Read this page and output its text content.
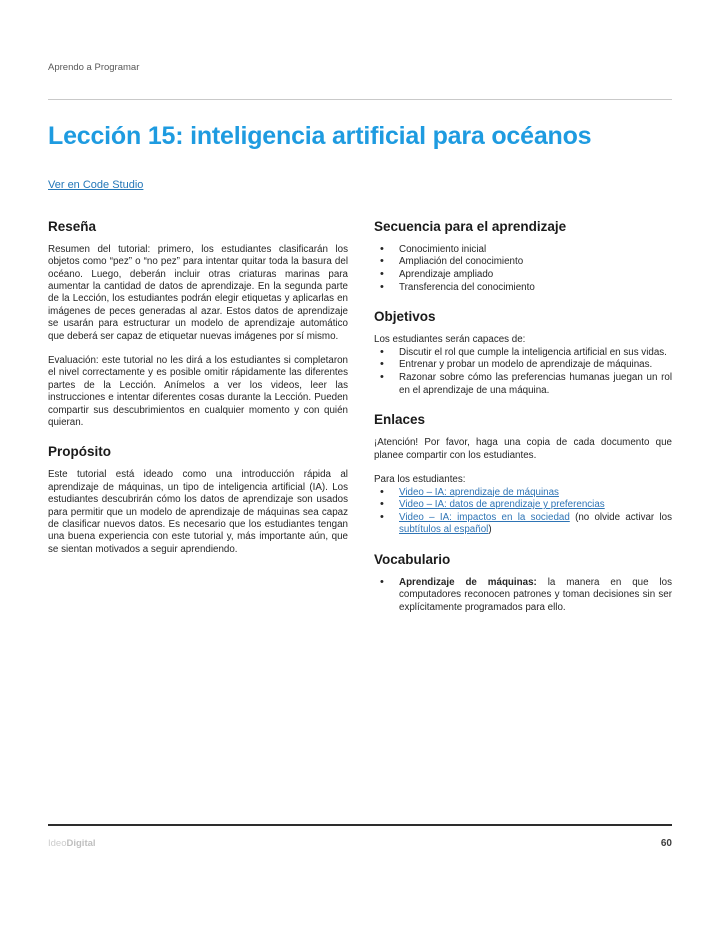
Aprendo a Programar
Lección 15: inteligencia artificial para océanos
Ver en Code Studio
Reseña

Resumen del tutorial: primero, los estudiantes clasificarán los objetos como “pez” o “no pez” para intentar quitar toda la basura del océano. Luego, deberán incluir otras criaturas marinas para aumentar la cantidad de datos de aprendizaje. En la segunda parte de la Lección, los estudiantes podrán elegir etiquetas y aplicarlas en imágenes de peces generadas al azar. Estos datos de aprendizaje se usarán para estructurar un modelo de aprendizaje automático que deberá ser capaz de etiquetar nuevas imágenes por sí mismo.

Evaluación: este tutorial no les dirá a los estudiantes si completaron el nivel correctamente y es posible omitir rápidamente las diferentes partes de la Lección. Anímelos a ver los videos, leer las instrucciones e intentar diferentes cosas durante la Lección. Pueden compartir sus descubrimientos en cualquier momento y con quién quieran.

Propósito

Este tutorial está ideado como una introducción rápida al aprendizaje de máquinas, un tipo de inteligencia artificial (IA). Los estudiantes descubrirán cómo los datos de aprendizaje son usados para permitir que un modelo de aprendizaje de máquinas sea capaz de clasificar nuevos datos. Es necesario que los estudiantes tengan una buena experiencia con este tutorial y, más importante aún, que se sientan motivados a seguir aprendiendo.

Secuencia para el aprendizaje
• Conocimiento inicial
• Ampliación del conocimiento
• Aprendizaje ampliado
• Transferencia del conocimiento
Objetivos

Los estudiantes serán capaces de:

• Discutir el rol que cumple la inteligencia artificial en sus vidas.
• Entrenar y probar un modelo de aprendizaje de máquinas.
• Razonar sobre cómo las preferencias humanas juegan un rol en el aprendizaje de una máquina.
Enlaces

¡Atención! Por favor, haga una copia de cada documento que planee compartir con los estudiantes.

Para los estudiantes:

• Video – IA: aprendizaje de máquinas
• Video – IA: datos de aprendizaje y preferencias
• Video – IA: impactos en la sociedad (no olvide activar los subtítulos al español)
Vocabulario
• Aprendizaje de máquinas: la manera en que los computadores reconocen patrones y toman decisiones sin ser explícitamente programados para ello.
IdeoDigital	60
